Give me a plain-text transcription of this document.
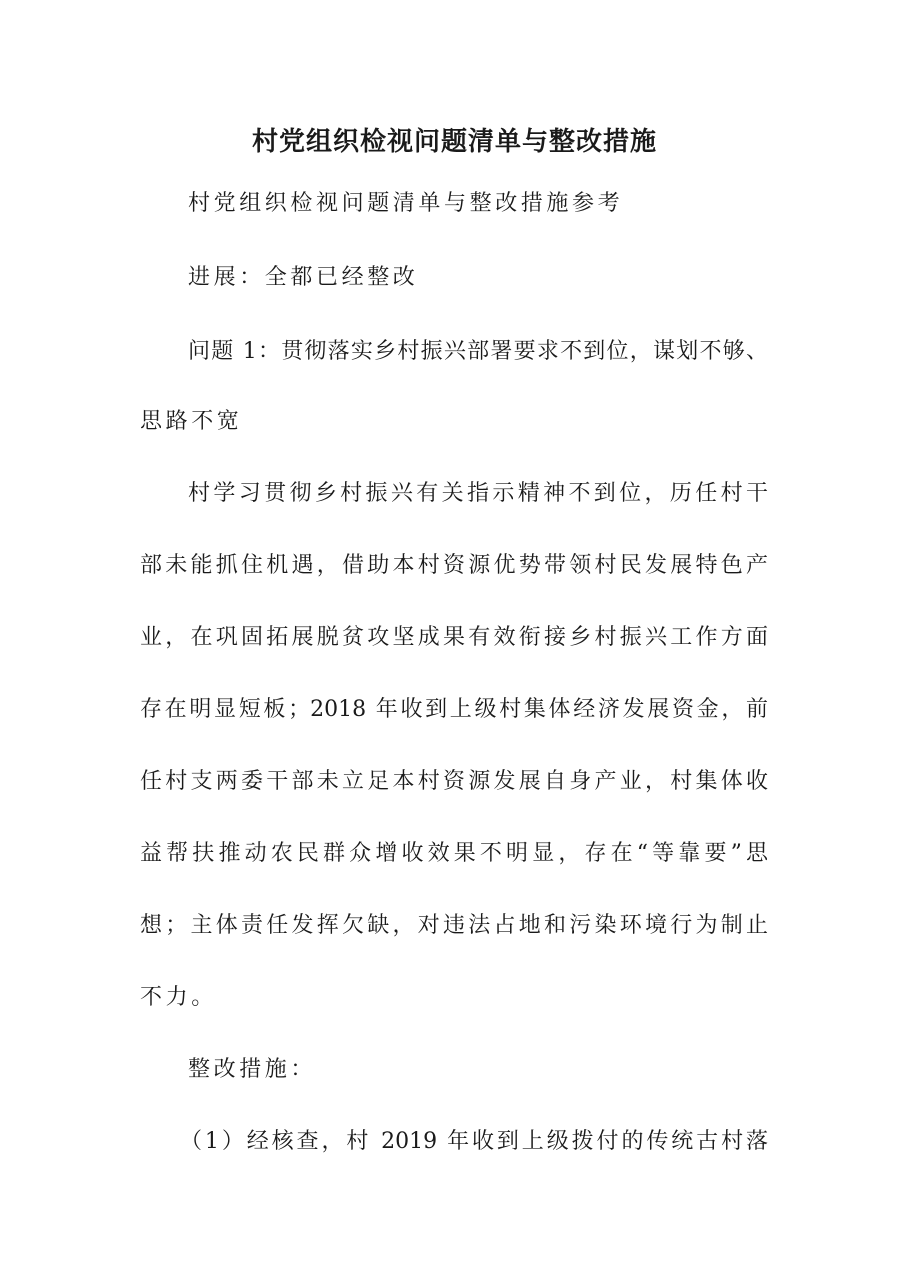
村党组织检视问题清单与整改措施
村党组织检视问题清单与整改措施参考
进展：全都已经整改
问题 1：贯彻落实乡村振兴部署要求不到位，谋划不够、
思路不宽
村学习贯彻乡村振兴有关指示精神不到位，历任村干
部未能抓住机遇，借助本村资源优势带领村民发展特色产
业，在巩固拓展脱贫攻坚成果有效衔接乡村振兴工作方面
存在明显短板；2018 年收到上级村集体经济发展资金，前
任村支两委干部未立足本村资源发展自身产业，村集体收
益帮扶推动农民群众增收效果不明显，存在“等靠要”思
想；主体责任发挥欠缺，对违法占地和污染环境行为制止
不力。
整改措施：
（1）经核查，村 2019 年收到上级拨付的传统古村落
